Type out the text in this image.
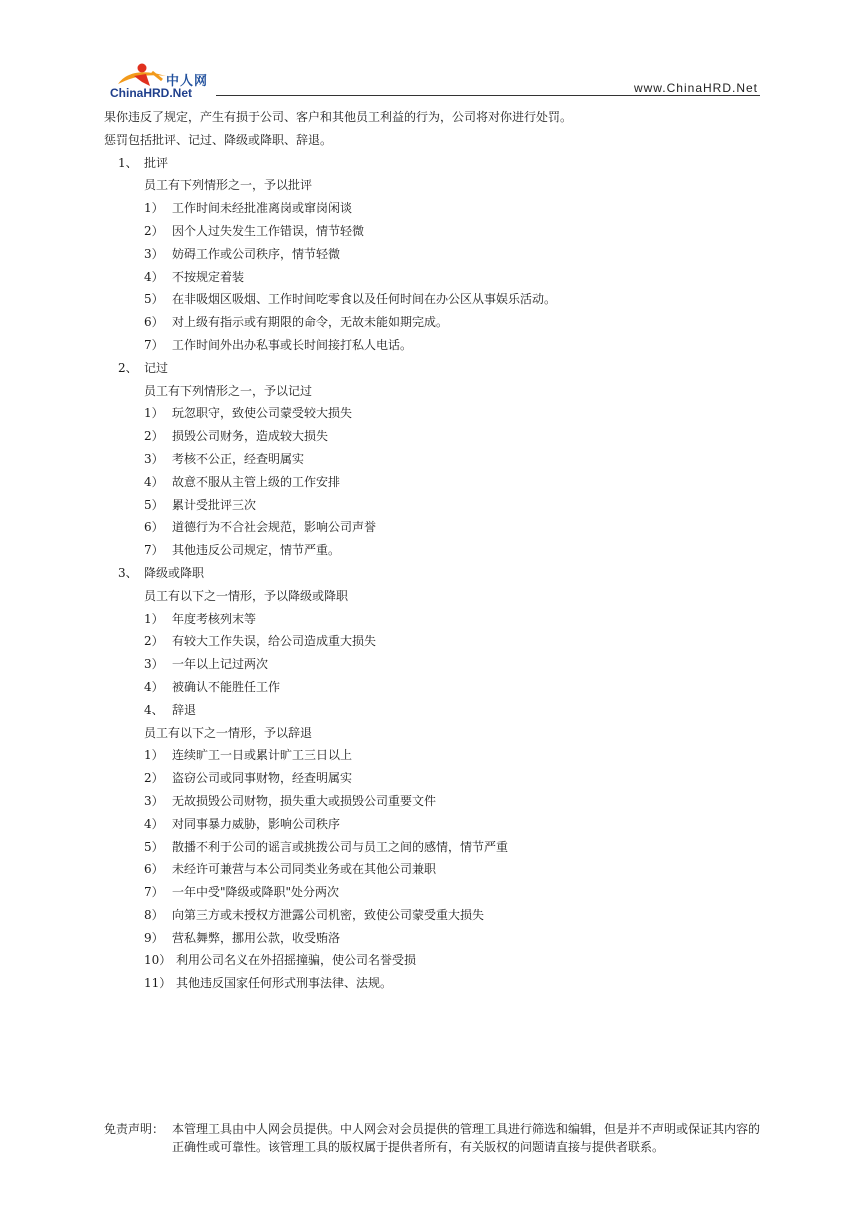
中人网
ChinaHRD.Net	www.ChinaHRD.Net
果你违反了规定，产生有损于公司、客户和其他员工利益的行为，公司将对你进行处罚。
惩罚包括批评、记过、降级或降职、辞退。
1、 批评
员工有下列情形之一，予以批评
1） 工作时间未经批准离岗或窜岗闲谈
2） 因个人过失发生工作错误，情节轻微
3） 妨碍工作或公司秩序，情节轻微
4） 不按规定着装
5） 在非吸烟区吸烟、工作时间吃零食以及任何时间在办公区从事娱乐活动。
6） 对上级有指示或有期限的命令，无故未能如期完成。
7） 工作时间外出办私事或长时间接打私人电话。
2、 记过
员工有下列情形之一，予以记过
1） 玩忽职守，致使公司蒙受较大损失
2） 损毁公司财务，造成较大损失
3） 考核不公正，经查明属实
4） 故意不服从主管上级的工作安排
5） 累计受批评三次
6） 道德行为不合社会规范，影响公司声誉
7） 其他违反公司规定，情节严重。
3、 降级或降职
员工有以下之一情形，予以降级或降职
1） 年度考核列末等
2） 有较大工作失误，给公司造成重大损失
3） 一年以上记过两次
4） 被确认不能胜任工作
4、 辞退
员工有以下之一情形，予以辞退
1） 连续旷工一日或累计旷工三日以上
2） 盗窃公司或同事财物，经查明属实
3） 无故损毁公司财物，损失重大或损毁公司重要文件
4） 对同事暴力威胁，影响公司秩序
5） 散播不利于公司的谣言或挑拨公司与员工之间的感情，情节严重
6） 未经许可兼营与本公司同类业务或在其他公司兼职
7） 一年中受"降级或降职"处分两次
8） 向第三方或未授权方泄露公司机密，致使公司蒙受重大损失
9） 营私舞弊，挪用公款，收受贿洛
10） 利用公司名义在外招摇撞骗，使公司名誉受损
11） 其他违反国家任何形式刑事法律、法规。
免责声明： 本管理工具由中人网会员提供。中人网会对会员提供的管理工具进行筛选和编辑，但是并不声明或保证其内容的正确性或可靠性。该管理工具的版权属于提供者所有，有关版权的问题请直接与提供者联系。
